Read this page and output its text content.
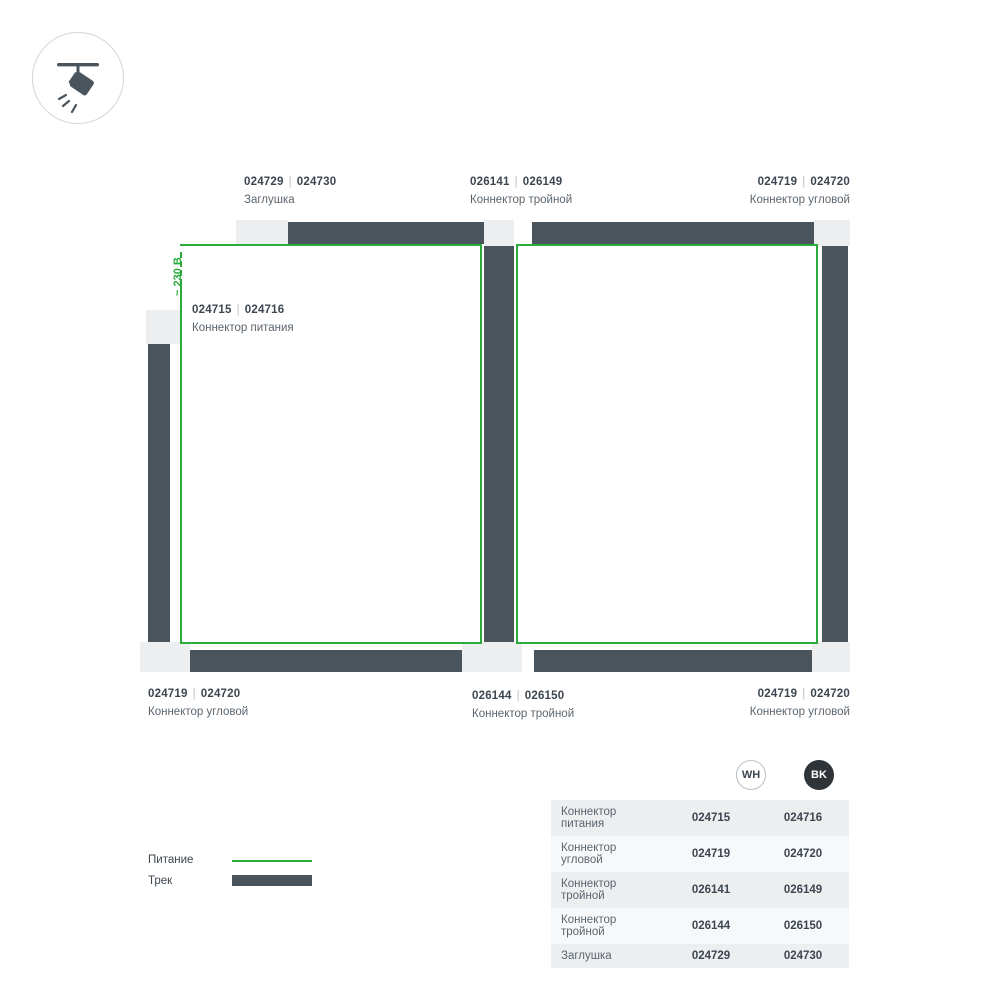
~ 230 В
024729 | 024730
Заглушка
026141 | 026149
Коннектор тройной
024719 | 024720
Коннектор угловой
024715 | 024716
Коннектор питания
024719 | 024720
Коннектор угловой
026144 | 026150
Коннектор тройной
024719 | 024720
Коннектор угловой
Питание
Трек
WH	BK
Коннектор питания	024715	024716
Коннектор угловой	024719	024720
Коннектор тройной	026141	026149
Коннектор тройной	026144	026150
Заглушка	024729	024730
